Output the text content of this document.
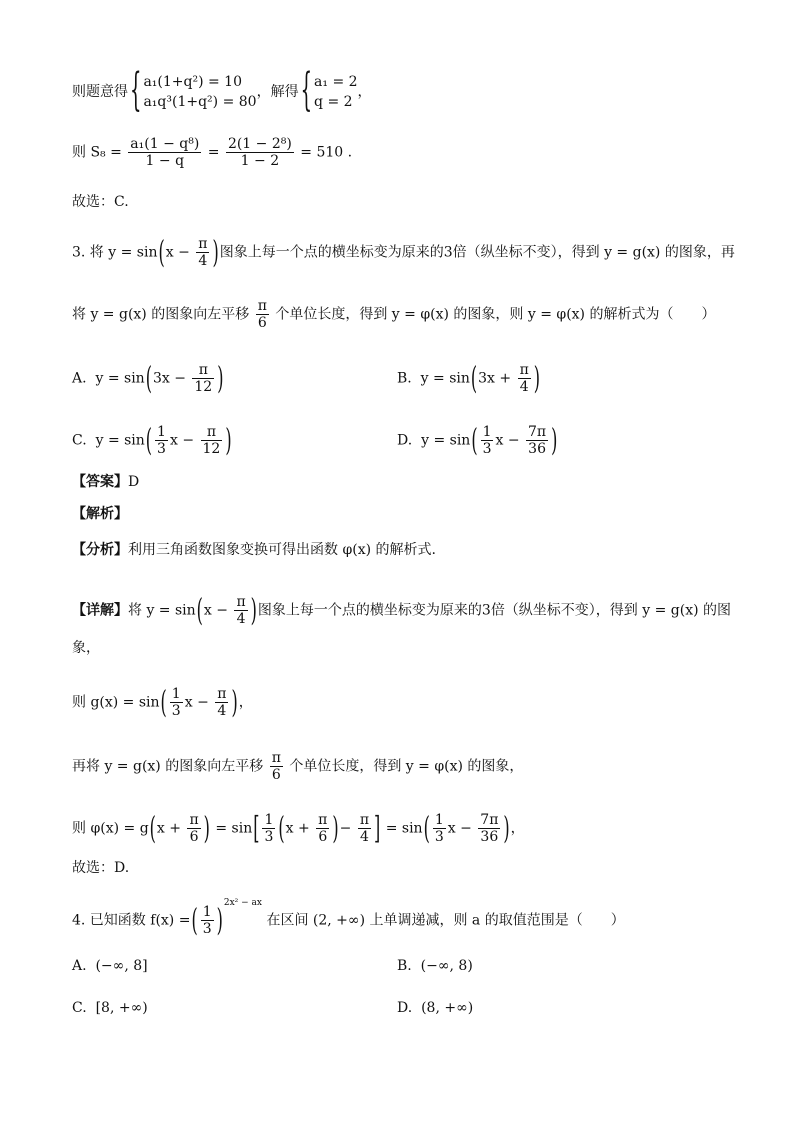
则题意得 { a₁(1+q²) = 10
a₁q³(1+q²) = 80
，解得 { a₁ = 2
q = 2
，
则 $S_8 = \frac{\text{a₁(1 − q⁸)}}{1 - q} = \frac{\text{2(1 − 2⁸)}}{1 - 2} = 510$ .
故选：C.
3. 将 $y = \sin(x - \frac{\pi}{4}$ )图象上每一个点的横坐标变为原来的3倍（纵坐标不变），得到 y = g(x) 的图象，再
将 y = g(x) 的图象向左平移 $\frac{\pi}{6}$ 个单位长度，得到 y = φ(x) 的图象，则 y = φ(x) 的解析式为（　　）
A. $y = \sin(3x - \frac{\pi}{12}$ )	B. $y = \sin(3x + \frac{\pi}{4}$ )
C. $y = \sin( \frac{1}{3}$ $x - \frac{\pi}{12}$ )	D. $y = \sin( \frac{1}{3}$ $x - \frac{7\pi}{36}$ )
【答案】D
【解析】
【分析】利用三角函数图象变换可得出函数 φ(x) 的解析式.
【详解】将 $y = \sin(x - \frac{\pi}{4}$ )图象上每一个点的横坐标变为原来的3倍（纵坐标不变），得到 y = g(x) 的图
象，
则 $g(x) = \sin( \frac{1}{3}$ $x - \frac{\pi}{4}$ )，
再将 y = g(x) 的图象向左平移 $\frac{\pi}{6}$ 个单位长度，得到 y = φ(x) 的图象，
则 $\varphi(x) = g(x + \frac{\pi}{6}$ ) = $\sin[ \frac{1}{3} (x + \frac{\pi}{6}$ )− $\frac{\pi}{4}$ ] = $\sin( \frac{1}{3}$ $x - \frac{7\pi}{36}$ )，
故选：D.
4. 已知函数 f(x) =( $\frac{1}{3} )^{2x^2 - ax}$ 在区间 (2, +∞) 上单调递减，则 a 的取值范围是（　　）
A. (−∞, 8]	B. (−∞, 8)
C. [8, +∞)	D. (8, +∞)
